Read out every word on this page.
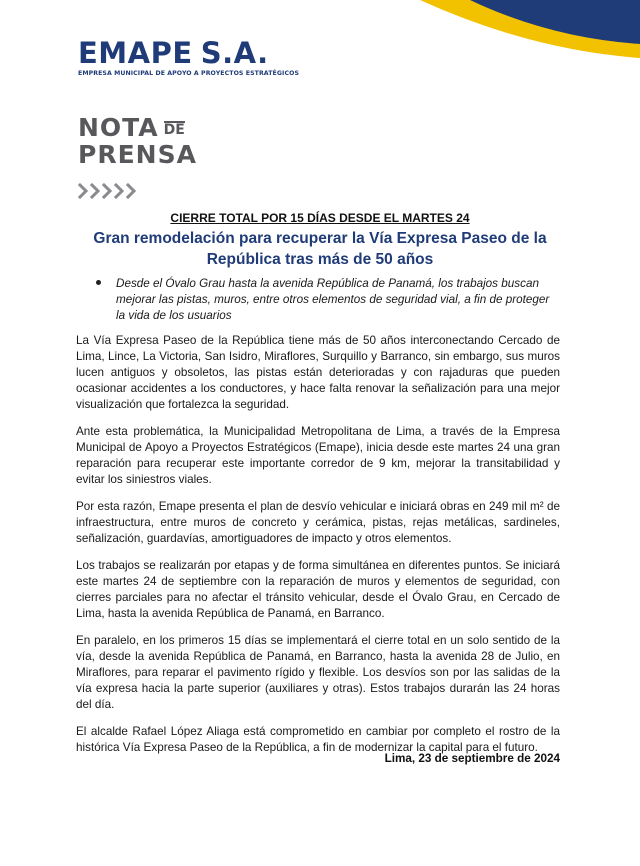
EMAPE S.A.
EMPRESA MUNICIPAL DE APOYO A PROYECTOS ESTRATÉGICOS
NOTA DE
PRENSA
CIERRE TOTAL POR 15 DÍAS DESDE EL MARTES 24
Gran remodelación para recuperar la Vía Expresa Paseo de la República tras más de 50 años
Desde el Óvalo Grau hasta la avenida República de Panamá, los trabajos buscan mejorar las pistas, muros, entre otros elementos de seguridad vial, a fin de proteger la vida de los usuarios

La Vía Expresa Paseo de la República tiene más de 50 años interconectando Cercado de Lima, Lince, La Victoria, San Isidro, Miraflores, Surquillo y Barranco, sin embargo, sus muros lucen antiguos y obsoletos, las pistas están deterioradas y con rajaduras que pueden ocasionar accidentes a los conductores, y hace falta renovar la señalización para una mejor visualización que fortalezca la seguridad.

Ante esta problemática, la Municipalidad Metropolitana de Lima, a través de la Empresa Municipal de Apoyo a Proyectos Estratégicos (Emape), inicia desde este martes 24 una gran reparación para recuperar este importante corredor de 9 km, mejorar la transitabilidad y evitar los siniestros viales.

Por esta razón, Emape presenta el plan de desvío vehicular e iniciará obras en 249 mil m² de infraestructura, entre muros de concreto y cerámica, pistas, rejas metálicas, sardineles, señalización, guardavías, amortiguadores de impacto y otros elementos.

Los trabajos se realizarán por etapas y de forma simultánea en diferentes puntos. Se iniciará este martes 24 de septiembre con la reparación de muros y elementos de seguridad, con cierres parciales para no afectar el tránsito vehicular, desde el Óvalo Grau, en Cercado de Lima, hasta la avenida República de Panamá, en Barranco.

En paralelo, en los primeros 15 días se implementará el cierre total en un solo sentido de la vía, desde la avenida República de Panamá, en Barranco, hasta la avenida 28 de Julio, en Miraflores, para reparar el pavimento rígido y flexible. Los desvíos son por las salidas de la vía expresa hacia la parte superior (auxiliares y otras). Estos trabajos durarán las 24 horas del día.

El alcalde Rafael López Aliaga está comprometido en cambiar por completo el rostro de la histórica Vía Expresa Paseo de la República, a fin de modernizar la capital para el futuro.

Lima, 23 de septiembre de 2024
